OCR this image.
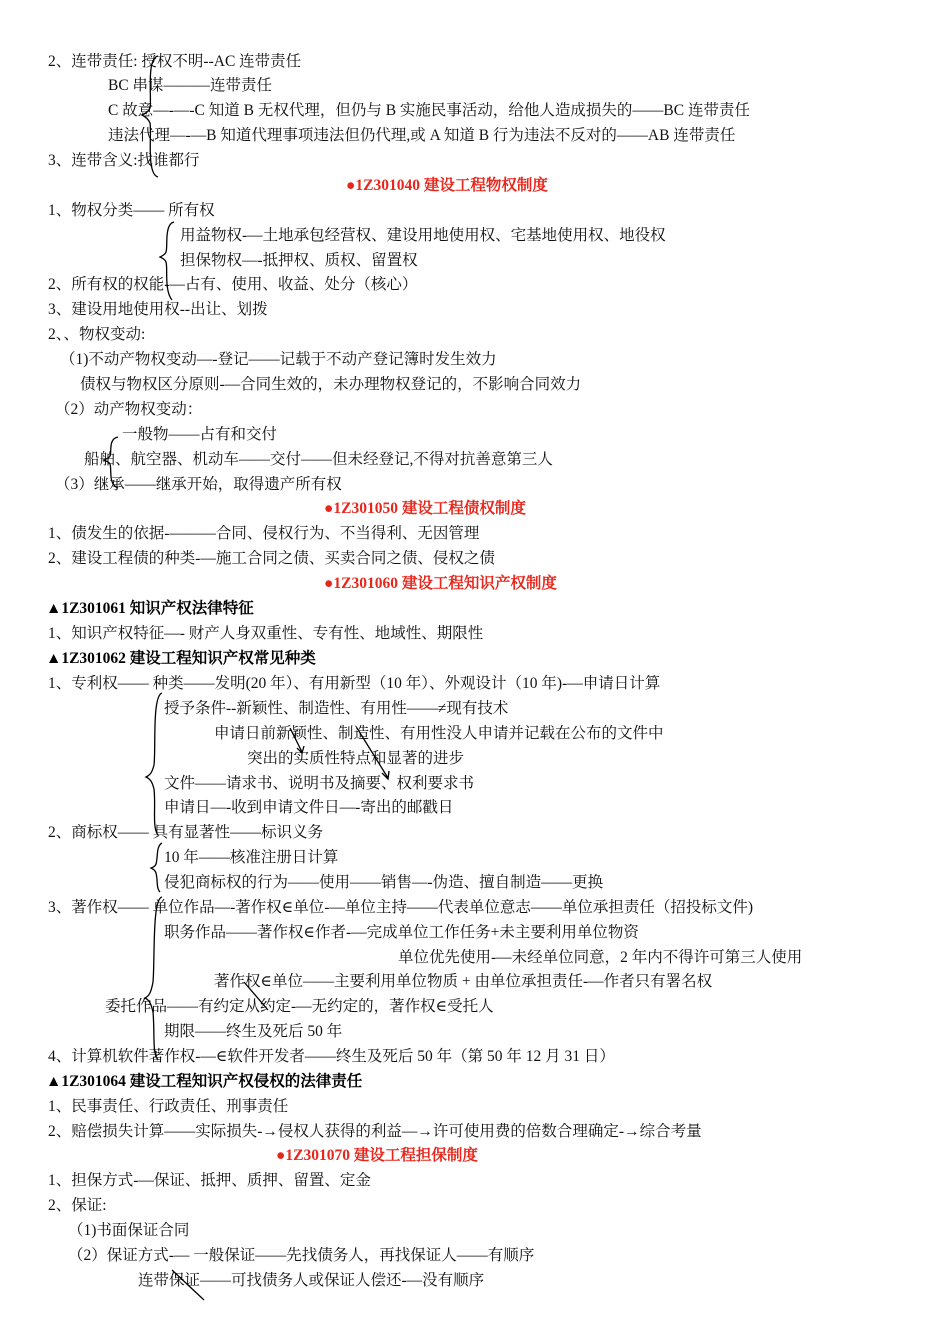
2、连带责任: 授权不明--AC 连带责任
BC 串谋———连带责任
C 故意—-—-C 知道 B 无权代理，但仍与 B 实施民事活动，给他人造成损失的——BC 连带责任
违法代理—-—B 知道代理事项违法但仍代理,或 A 知道 B 行为违法不反对的——AB 连带责任
3、连带含义:找谁都行
●1Z301040 建设工程物权制度
1、物权分类—— 所有权
用益物权-—土地承包经营权、建设用地使用权、宅基地使用权、地役权
担保物权—-抵押权、质权、留置权
2、所有权的权能-—占有、使用、收益、处分（核心）
3、建设用地使用权--出让、划拨
2、、物权变动:
（1)不动产物权变动—-登记——记载于不动产登记簿时发生效力
债权与物权区分原则-—合同生效的，未办理物权登记的，不影响合同效力
（2）动产物权变动：
一般物——占有和交付
船舶、航空器、机动车——交付——但未经登记,不得对抗善意第三人
（3）继承——继承开始，取得遗产所有权
●1Z301050 建设工程债权制度
1、债发生的依据-———合同、侵权行为、不当得利、无因管理
2、建设工程债的种类-—施工合同之债、买卖合同之债、侵权之债
●1Z301060 建设工程知识产权制度
▲1Z301061 知识产权法律特征
1、知识产权特征—- 财产人身双重性、专有性、地域性、期限性
▲1Z301062 建设工程知识产权常见种类
1、专利权—— 种类——发明(20 年）、有用新型（10 年）、外观设计（10 年)-—申请日计算
授予条件--新颖性、制造性、有用性——≠现有技术
申请日前新颖性、制造性、有用性没人申请并记载在公布的文件中
突出的实质性特点和显著的进步
文件——请求书、说明书及摘要、权利要求书
申请日—-收到申请文件日—-寄出的邮戳日
2、商标权—— 具有显著性——标识义务
10 年——核准注册日计算
侵犯商标权的行为——使用——销售—-伪造、擅自制造——更换
3、著作权—— 单位作品—-著作权∈单位-—单位主持——代表单位意志——单位承担责任（招投标文件)
职务作品——著作权∈作者-—完成单位工作任务+未主要利用单位物资
单位优先使用-—未经单位同意，2 年内不得许可第三人使用
著作权∈单位——主要利用单位物质 + 由单位承担责任-—作者只有署名权
委托作品——有约定从约定-—无约定的，著作权∈受托人
期限——终生及死后 50 年
4、计算机软件著作权-—∈软件开发者——终生及死后 50 年（第 50 年 12 月 31 日）
▲1Z301064 建设工程知识产权侵权的法律责任
1、民事责任、行政责任、刑事责任
2、赔偿损失计算——实际损失-→侵权人获得的利益—→许可使用费的倍数合理确定-→综合考量
●1Z301070 建设工程担保制度
1、担保方式-—保证、抵押、质押、留置、定金
2、保证:
（1)书面保证合同
（2）保证方式-— 一般保证——先找债务人，再找保证人——有顺序
连带保证——可找债务人或保证人偿还-—没有顺序
